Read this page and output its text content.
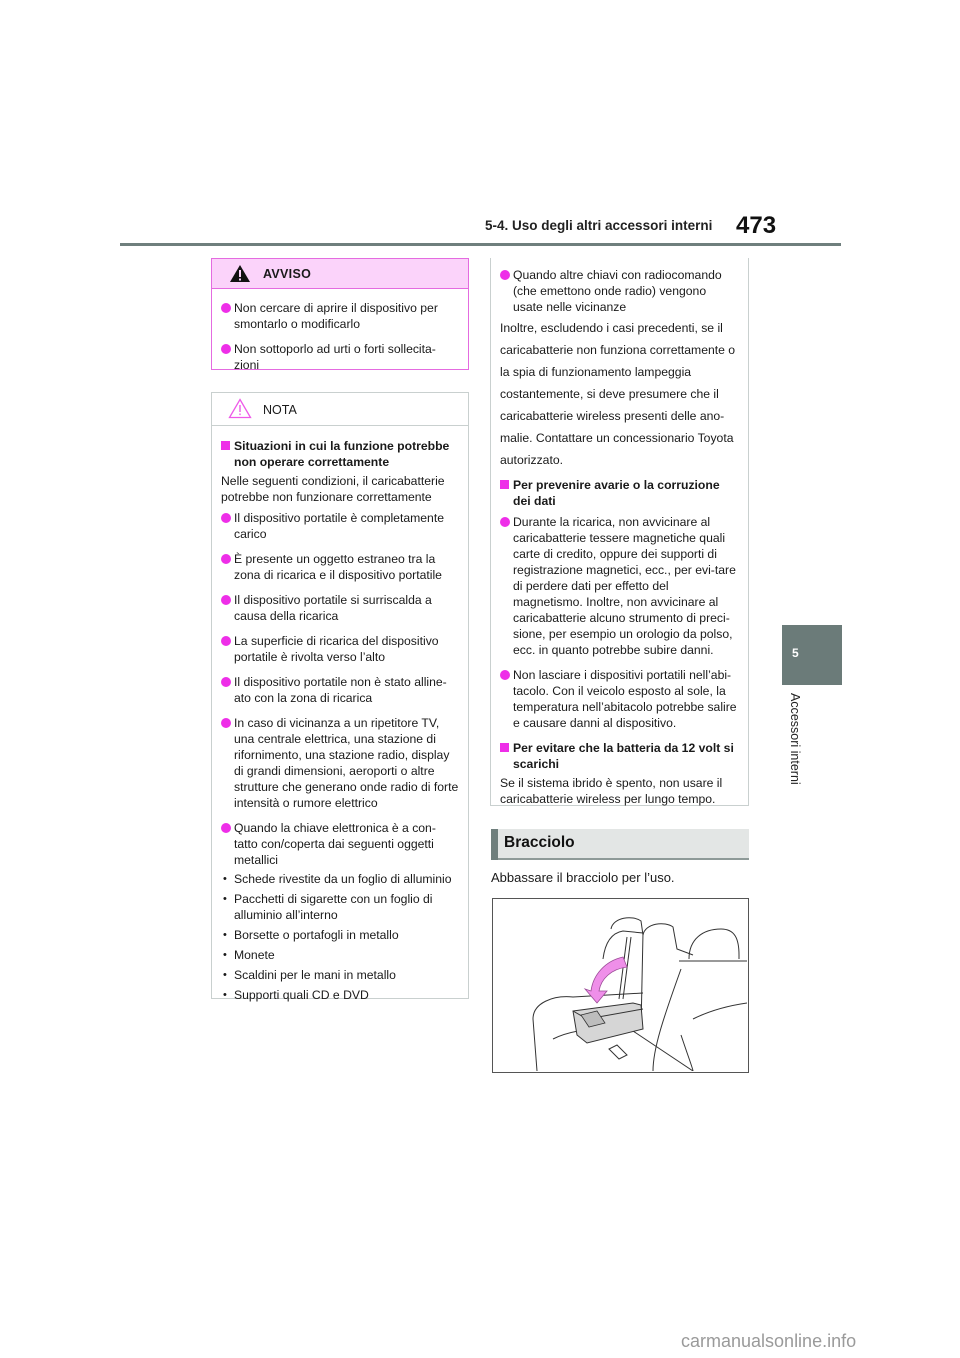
5-4. Uso degli altri accessori interni 473
5
Accessori interni
AVVISO
Non cercare di aprire il dispositivo per smontarlo o modificarlo
Non sottoporlo ad urti o forti sollecita-zioni
NOTA
Situazioni in cui la funzione potrebbe non operare correttamente
Nelle seguenti condizioni, il caricabatterie potrebbe non funzionare correttamente
Il dispositivo portatile è completamente carico
È presente un oggetto estraneo tra la zona di ricarica e il dispositivo portatile
Il dispositivo portatile si surriscalda a causa della ricarica
La superficie di ricarica del dispositivo portatile è rivolta verso l’alto
Il dispositivo portatile non è stato alline-ato con la zona di ricarica
In caso di vicinanza a un ripetitore TV, una centrale elettrica, una stazione di rifornimento, una stazione radio, display di grandi dimensioni, aeroporti o altre strutture che generano onde radio di forte intensità o rumore elettrico
Quando la chiave elettronica è a con-tatto con/coperta dai seguenti oggetti metallici
• Schede rivestite da un foglio di alluminio
• Pacchetti di sigarette con un foglio di alluminio all’interno
• Borsette o portafogli in metallo
• Monete
• Scaldini per le mani in metallo
• Supporti quali CD e DVD
Quando altre chiavi con radiocomando (che emettono onde radio) vengono usate nelle vicinanze
Inoltre, escludendo i casi precedenti, se il caricabatterie non funziona correttamente o la spia di funzionamento lampeggia costantemente, si deve presumere che il caricabatterie wireless presenti delle ano-malie. Contattare un concessionario Toyota autorizzato.
Per prevenire avarie o la corruzione dei dati
Durante la ricarica, non avvicinare al caricabatterie tessere magnetiche quali carte di credito, oppure dei supporti di registrazione magnetici, ecc., per evi-tare di perdere dati per effetto del magnetismo. Inoltre, non avvicinare al caricabatterie alcuno strumento di preci-sione, per esempio un orologio da polso, ecc. in quanto potrebbe subire danni.
Non lasciare i dispositivi portatili nell’abi-tacolo. Con il veicolo esposto al sole, la temperatura nell’abitacolo potrebbe salire e causare danni al dispositivo.
Per evitare che la batteria da 12 volt si scarichi
Se il sistema ibrido è spento, non usare il caricabatterie wireless per lungo tempo.
Bracciolo
Abbassare il bracciolo per l’uso.
carmanualsonline.info
